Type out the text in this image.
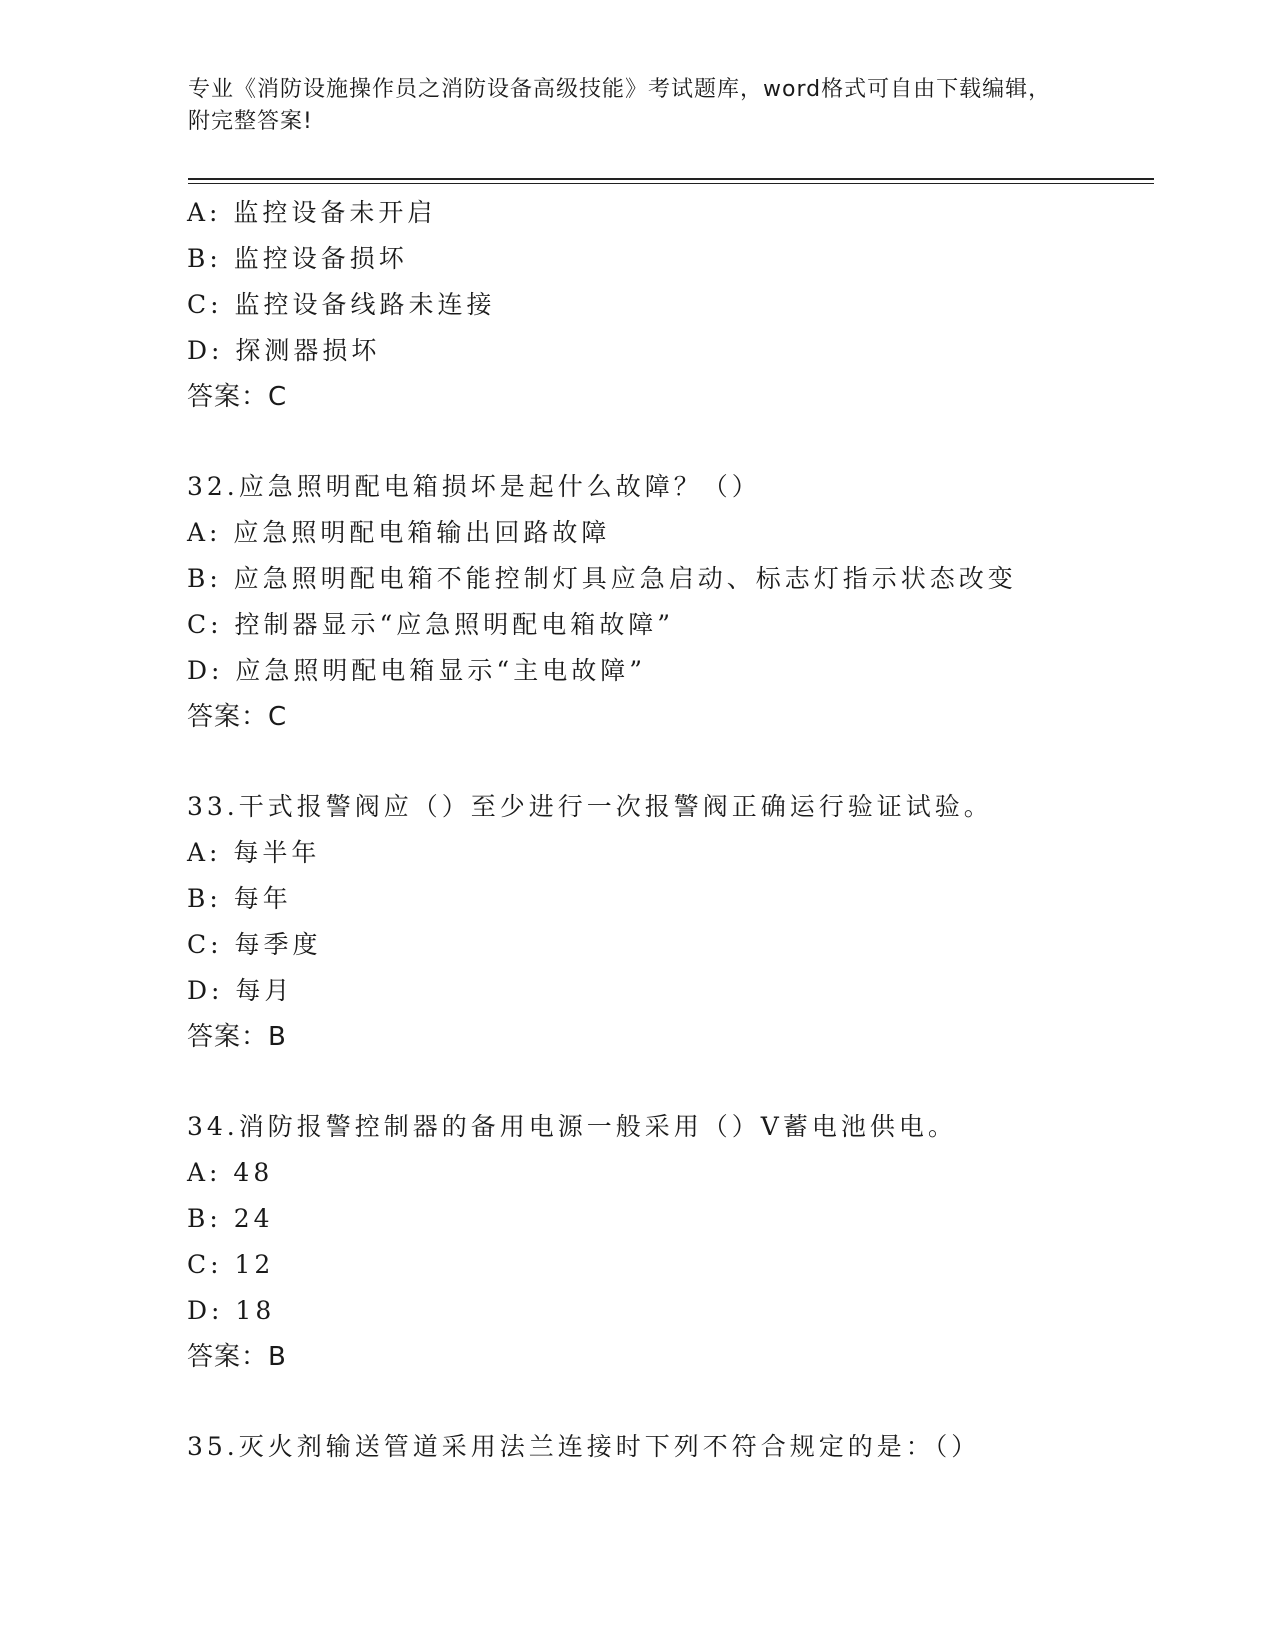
专业《消防设施操作员之消防设备高级技能》考试题库，word格式可自由下载编辑，附完整答案!
A: 监控设备未开启
B: 监控设备损坏
C: 监控设备线路未连接
D: 探测器损坏
答案：C
32.应急照明配电箱损坏是起什么故障？（）
A: 应急照明配电箱输出回路故障
B: 应急照明配电箱不能控制灯具应急启动、标志灯指示状态改变
C: 控制器显示“应急照明配电箱故障”
D: 应急照明配电箱显示“主电故障”
答案：C
33.干式报警阀应（）至少进行一次报警阀正确运行验证试验。
A: 每半年
B: 每年
C: 每季度
D: 每月
答案：B
34.消防报警控制器的备用电源一般采用（）V蓄电池供电。
A: 48
B: 24
C: 12
D: 18
答案：B
35.灭火剂输送管道采用法兰连接时下列不符合规定的是：（）
